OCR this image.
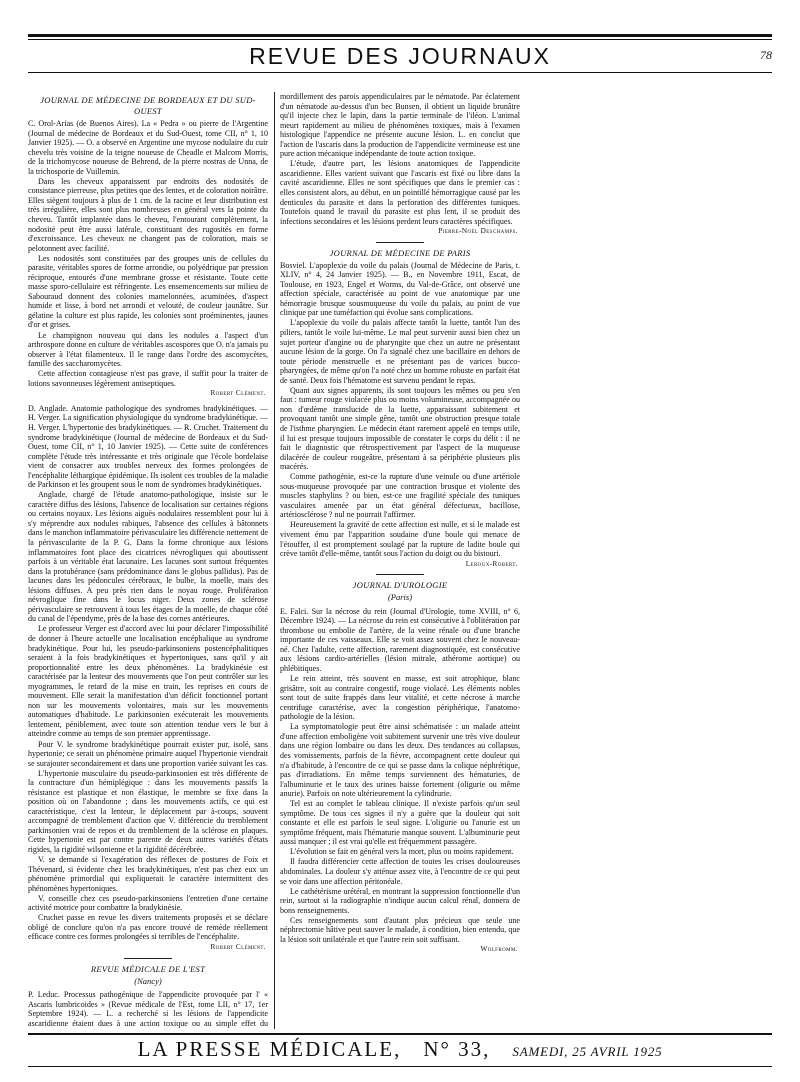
REVUE DES JOURNAUX	78
JOURNAL DE MÉDECINE DE BORDEAUX ET DU SUD-OUEST

C. Orol-Arias (de Buenos Aires). La « Pedra » ou pierre de l'Argentine (Journal de médecine de Bordeaux et du Sud-Ouest, tome CII, n° 1, 10 Janvier 1925). — O. a observé en Argentine une mycose nodulaire du cuir chevelu très voisine de la teigne noueuse de Cheadle et Malcom Morris, de la trichomycose noueuse de Behrend, de la pierre nostras de Unna, de la trichosporie de Vuillemin.

Dans les cheveux apparaissent par endroits des nodosités de consistance pierreuse, plus petites que des lentes, et de coloration noirâtre. Elles siègent toujours à plus de 1 cm. de la racine et leur distribution est très irrégulière, elles sont plus nombreuses en général vers la pointe du cheveu. Tantôt implantée dans le cheveu, l'entourant complètement, la nodosité peut être aussi latérale, constituant des rugosités en forme d'excroissance. Les cheveux ne changent pas de coloration, mais se pelotonnent avec facilité.

Les nodosités sont constituées par des groupes unis de cellules du parasite, véritables spores de forme arrondie, ou polyédrique par pression réciproque, entourés d'une membrane grosse et résistante. Toute cette masse sporo-cellulaire est réfringente. Les ensemencements sur milieu de Sabouraud donnent des colonies mamelonnées, acuminées, d'aspect humide et lisse, à bord net arrondi et velouté, de couleur jaunâtre. Sur gélatine la culture est plus rapide, les colonies sont proéminentes, jaunes d'or et grises.

Le champignon nouveau qui dans les nodules a l'aspect d'un arthrospore donne en culture de véritables ascospores que O. n'a jamais pu observer à l'état filamenteux. Il le range dans l'ordre des ascomycètes, famille des saccharomycètes.

Cette affection contagieuse n'est pas grave, il suffit pour la traiter de lotions savonneuses légèrement antiseptiques.

Robert Clément.

D. Anglade. Anatomie pathologique des syndromes bradykinétiques. — H. Verger. La signification physiologique du syndrome bradykinétique. — H. Verger. L'hypertonie des bradykinétiques. — R. Cruchet. Traitement du syndrome bradykinétique (Journal de médecine de Bordeaux et du Sud-Ouest, tome CII, n° 1, 10 Janvier 1925). — Cette suite de conférences complète l'étude très intéressante et très originale que l'école bordelaise vient de consacrer aux troubles nerveux des formes prolongées de l'encéphalite léthargique épidémique. Ils isolent ces troubles de la maladie de Parkinson et les groupent sous le nom de syndromes bradykinétiques.

Anglade, chargé de l'étude anatomo-pathologique, insiste sur le caractère diffus des lésions, l'absence de localisation sur certaines régions ou certains noyaux. Les lésions aiguës nodulaires ressemblent pour lui à s'y méprendre aux nodules rabiques, l'absence des cellules à bâtonnets dans le manchon inflammatoire périvasculaire les différencie nettement de la périvascularite de la P. G. Dans la forme chronique aux lésions inflammatoires font place des cicatrices névrogliques qui aboutissent parfois à un véritable état lacunaire. Les lacunes sont surtout fréquentes dans la protubérance (sans prédominance dans le globus pallidus). Pas de lacunes dans les pédoncules cérébraux, le bulbe, la moelle, mais des lésions diffuses. A peu près rien dans le noyau rouge. Prolifération névroglique fine dans le locus niger. Deux zones de sclérose périvasculaire se retrouvent à tous les étages de la moelle, de chaque côté du canal de l'épendyme, près de la base des cornes antérieures.

Le professeur Verger est d'accord avec lui pour déclarer l'impossibilité de donner à l'heure actuelle une localisation encéphalique au syndrome bradykinétique. Pour lui, les pseudo-parkinsoniens postencéphalitiques seraient à la fois bradykinétiques et hypertoniques, sans qu'il y ait proportionnalité entre les deux phénomènes. La bradykinésie est caractérisée par la lenteur des mouvements que l'on peut contrôler sur les myogrammes, le retard de la mise en train, les reprises en cours de mouvement. Elle serait la manifestation d'un déficit fonctionnel portant non sur les mouvements volontaires, mais sur les mouvements automatiques d'habitude. Le parkinsonien exécuterait les mouvements lentement, péniblement, avec toute son attention tendue vers le but à atteindre comme au temps de son premier apprentissage.

Pour V. le syndrome bradykinétique pourrait exister pur, isolé, sans hypertonie; ce serait un phénomène primaire auquel l'hypertonie viendrait se surajouter secondairement et dans une proportion variée suivant les cas.

L'hypertonie musculaire du pseudo-parkinsonien est très différente de la contracture d'un hémiplégique : dans les mouvements passifs la résistance est plastique et non élastique, le membre se fixe dans la position où on l'abandonne ; dans les mouvements actifs, ce qui est caractéristique, c'est la lenteur, le déplacement par à-coups, souvent accompagné de tremblement d'action que V. différencie du tremblement parkinsonien vrai de repos et du tremblement de la sclérose en plaques. Cette hypertonie est par contre parente de deux autres variétés d'états rigides, la rigidité wilsonienne et la rigidité décérébrée.

V. se demande si l'exagération des réflexes de postures de Foix et Thévenard, si évidente chez les bradykinétiques, n'est pas chez eux un phénomène primordial qui expliquerait le caractère intermittent des phénomènes hypertoniques.

V. conseille chez ces pseudo-parkinsoniens l'entretien d'une certaine activité motrice pour combattre la bradykinésie.

Cruchet passe en revue les divers traitements proposés et se déclare obligé de conclure qu'on n'a pas encore trouvé de remède réellement efficace contre ces formes prolongées si terribles de l'encéphalite.

Robert Clément.
REVUE MÉDICALE DE L'EST
(Nancy)

P. Leduc. Processus pathogénique de l'appendicite provoquée par l' « Ascaris lumbricoides » (Revue médicale de l'Est, tome LII, n° 17, 1er Septembre 1924). — L. a recherché si les lésions de l'appendicite ascaridienne étaient dues à une action toxique ou au simple effet du mordillement des parois appendiculaires par le nématode. Par éclatement d'un nématode au-dessus d'un bec Bunsen, il obtient un liquide brunâtre qu'il injecte chez le lapin, dans la partie terminale de l'iléon. L'animal meurt rapidement au milieu de phénomènes toxiques, mais à l'examen histologique l'appendice ne présente aucune lésion. L. en conclut que l'action de l'ascaris dans la production de l'appendicite vermineuse est une pure action mécanique indépendante de toute action toxique.

L'étude, d'autre part, les lésions anatomiques de l'appendicite ascaridienne. Elles varient suivant que l'ascaris est fixé ou libre dans la cavité ascaridienne. Elles ne sont spécifiques que dans le premier cas : elles consistent alors, au début, en un pointillé hémorragique causé par les denticules du parasite et dans la perforation des différentes tuniques. Toutefois quand le travail du parasite est plus lent, il se produit des infections secondaires et les lésions perdent leurs caractères spécifiques.

Pierre-Noël Deschamps.
JOURNAL DE MÉDECINE DE PARIS

Bosviel. L'apoplexie du voile du palais (Journal de Médecine de Paris, t. XLIV, n° 4, 24 Janvier 1925). — B., en Novembre 1911, Escat, de Toulouse, en 1923, Engel et Worms, du Val-de-Grâce, ont observé une affection spéciale, caractérisée au point de vue anatomique par une hémorragie brusque sousmuqueuse du voile du palais, au point de vue clinique par une tuméfaction qui évolue sans complications.

L'apoplexie du voile du palais affecte tantôt la luette, tantôt l'un des piliers, tantôt le voile lui-même. Le mal peut survenir aussi bien chez un sujet porteur d'angine ou de pharyngite que chez un autre ne présentant aucune lésion de la gorge. On l'a signalé chez une bacillaire en dehors de toute période menstruelle et ne présentant pas de varices bucco-pharyngées, de même qu'on l'a noté chez un homme robuste en parfait état de santé. Deux fois l'hématome est survenu pendant le repas.

Quant aux signes apparents, ils sont toujours les mêmes ou peu s'en faut : tumeur rouge violacée plus ou moins volumineuse, accompagnée ou non d'œdème translucide de la luette, apparaissant subitement et provoquant tantôt une simple gêne, tantôt une obstruction presque totale de l'isthme pharyngien. Le médecin étant rarement appelé en temps utile, il lui est presque toujours impossible de constater le corps du délit : il ne fait le diagnostic que rétrospectivement par l'aspect de la muqueuse dilacérée de couleur rougeâtre, présentant à sa périphérie plusieurs plis macérés.

Comme pathogénie, est-ce la rupture d'une veinule ou d'une artériole sous-muqueuse provoquée par une contraction brusque et violente des muscles staphylins ? ou bien, est-ce une fragilité spéciale des tuniques vasculaires amenée par un état général défectueux, bacillose, artériosclérose ? nul ne pourrait l'affirmer.

Heureusement la gravité de cette affection est nulle, et si le malade est vivement ému par l'apparition soudaine d'une boule qui menace de l'étouffer, il est promptement soulagé par la rupture de ladite boule qui crève tantôt d'elle-même, tantôt sous l'action du doigt ou du bistouri.

Leroux-Robert.
JOURNAL D'UROLOGIE
(Paris)

E. Falci. Sur la nécrose du rein (Journal d'Urologie, tome XVIII, n° 6, Décembre 1924). — La nécrose du rein est consécutive à l'oblitération par thrombose ou embolie de l'artère, de la veine rénale ou d'une branche importante de ces vaisseaux. Elle se voit assez souvent chez le nouveau-né. Chez l'adulte, cette affection, rarement diagnostiquée, est consécutive aux lésions cardio-artérielles (lésion mitrale, athérome aortique) ou phlébitiques.

Le rein atteint, très souvent en masse, est soit atrophique, blanc grisâtre, soit au contraire congestif, rouge violacé. Les éléments nobles sont tout de suite frappés dans leur vitalité, et cette nécrose à marche centrifuge caractérise, avec la congestion périphérique, l'anatomo-pathologie de la lésion.

La symptomatologie peut être ainsi schématisée : un malade atteint d'une affection emboligène voit subitement survenir une très vive douleur dans une région lombaire ou dans les deux. Des tendances au collapsus, des vomissements, parfois de la fièvre, accompagnent cette douleur qui n'a d'habitude, à l'encontre de ce qui se passe dans la colique néphrétique, pas d'irradiations. En même temps surviennent des hématuries, de l'albuminurie et le taux des urines baisse fortement (oligurie ou même anurie). Parfois on note ultérieurement la cylindrurie.

Tel est au complet le tableau clinique. Il n'existe parfois qu'un seul symptôme. De tous ces signes il n'y a guère que la douleur qui soit constante et elle est parfois le seul signe. L'oligurie ou l'anurie est un symptôme fréquent, mais l'hématurie manque souvent. L'albuminurie peut aussi manquer ; il est vrai qu'elle est fréquemment passagère.

L'évolution se fait en général vers la mort, plus ou moins rapidement.

Il faudra différencier cette affection de toutes les crises douloureuses abdominales. La douleur s'y atténue assez vite, à l'encontre de ce qui peut se voir dans une affection péritonéale.

Le cathétérisme urétéral, en montrant la suppression fonctionnelle d'un rein, surtout si la radiographie n'indique aucun calcul rénal, donnera de bons renseignements.

Ces renseignements sont d'autant plus précieux que seule une néphrectomie hâtive peut sauver le malade, à condition, bien entendu, que la lésion soit unilatérale et que l'autre rein soit suffisant.

Wolfromm.
LA PRESSE MÉDICALE, N° 33, SAMEDI, 25 AVRIL 1925
